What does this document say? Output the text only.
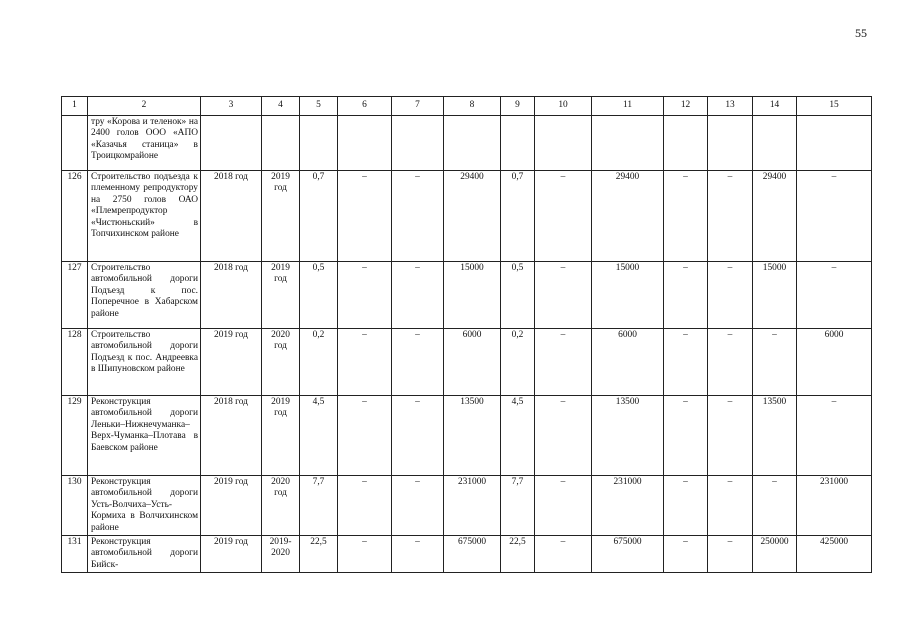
55
1	2	3	4	5	6	7	8	9	10	11	12	13	14	15
	тру «Корова и теленок» на 2400 голов ООО «АПО «Казачья станица» в Троицкомрайоне													
126	Строительство подъезда к племенному репродуктору на 2750 голов ОАО «Племрепродуктор «Чистюньский» в Топчихинском районе	2018 год	2019 год	0,7	–	–	29400	0,7	–	29400	–	–	29400	–
127	Строительство автомобильной дороги Подъезд к пос. Поперечное в Хабарском районе	2018 год	2019 год	0,5	–	–	15000	0,5	–	15000	–	–	15000	–
128	Строительство автомобильной дороги Подъезд к пос. Андреевка в Шипуновском районе	2019 год	2020 год	0,2	–	–	6000	0,2	–	6000	–	–	–	6000
129	Реконструкция автомобильной дороги Леньки–Нижнечуманка–Верх-Чуманка–Плотава в Баевском районе	2018 год	2019 год	4,5	–	–	13500	4,5	–	13500	–	–	13500	–
130	Реконструкция автомобильной дороги Усть-Волчиха–Усть-Кормиха в Волчихинском районе	2019 год	2020 год	7,7	–	–	231000	7,7	–	231000	–	–	–	231000
131	Реконструкция автомобильной дороги Бийск-	2019 год	2019-2020	22,5	–	–	675000	22,5	–	675000	–	–	250000	425000
